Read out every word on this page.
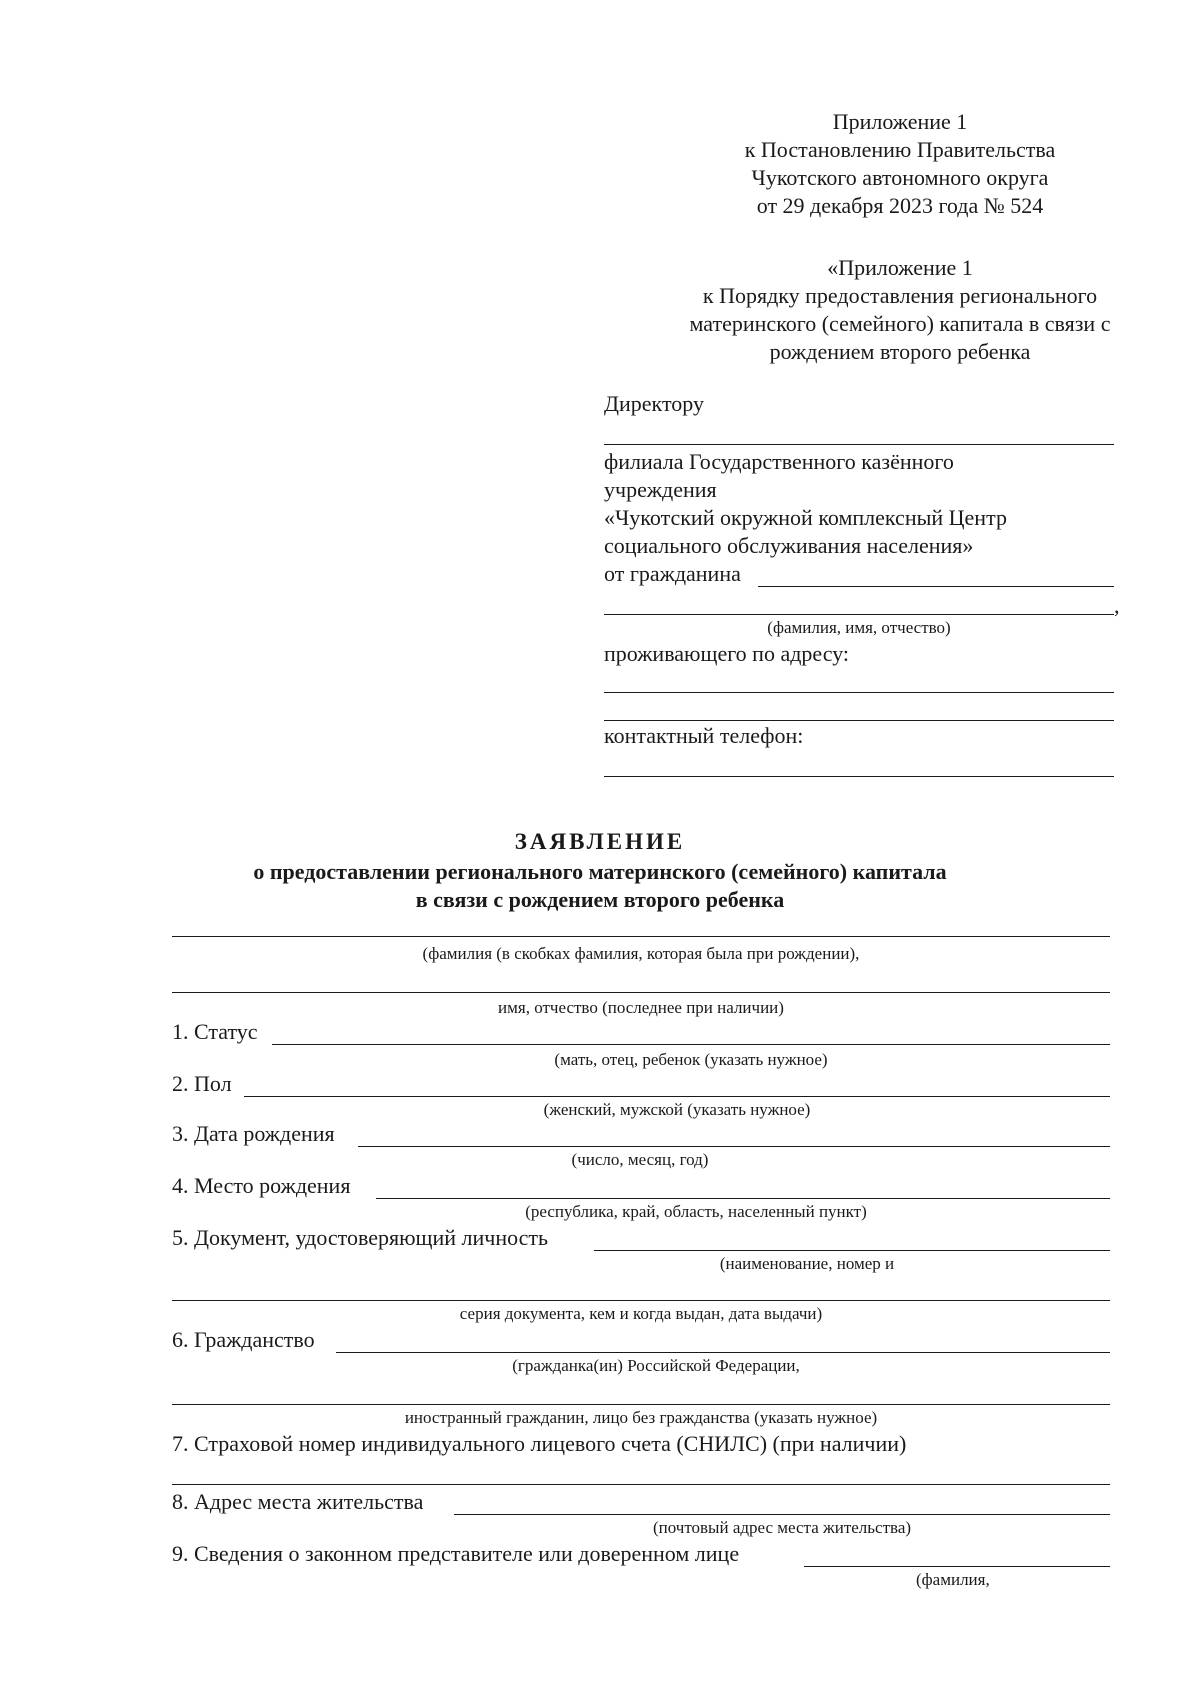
Приложение 1
к Постановлению Правительства
Чукотского автономного округа
от 29 декабря 2023 года № 524
«Приложение 1
к Порядку предоставления регионального
материнского (семейного) капитала в связи с
рождением второго ребенка
Директору
филиала Государственного казённого
учреждения
«Чукотский окружной комплексный Центр
социального обслуживания населения»
от гражданина
,
(фамилия, имя, отчество)
проживающего по адресу:
контактный телефон:
ЗАЯВЛЕНИЕ
о предоставлении регионального материнского (семейного) капитала
в связи с рождением второго ребенка
(фамилия (в скобках фамилия, которая была при рождении),
имя, отчество (последнее при наличии)
1. Статус
(мать, отец, ребенок (указать нужное)
2. Пол
(женский, мужской (указать нужное)
3. Дата рождения
(число, месяц, год)
4. Место рождения
(республика, край, область, населенный пункт)
5. Документ, удостоверяющий личность
(наименование, номер и
серия документа, кем и когда выдан, дата выдачи)
6. Гражданство
(гражданка(ин) Российской Федерации,
иностранный гражданин, лицо без гражданства (указать нужное)
7. Страховой номер индивидуального лицевого счета (СНИЛС) (при наличии)
8. Адрес места жительства
(почтовый адрес места жительства)
9. Сведения о законном представителе или доверенном лице
(фамилия,
